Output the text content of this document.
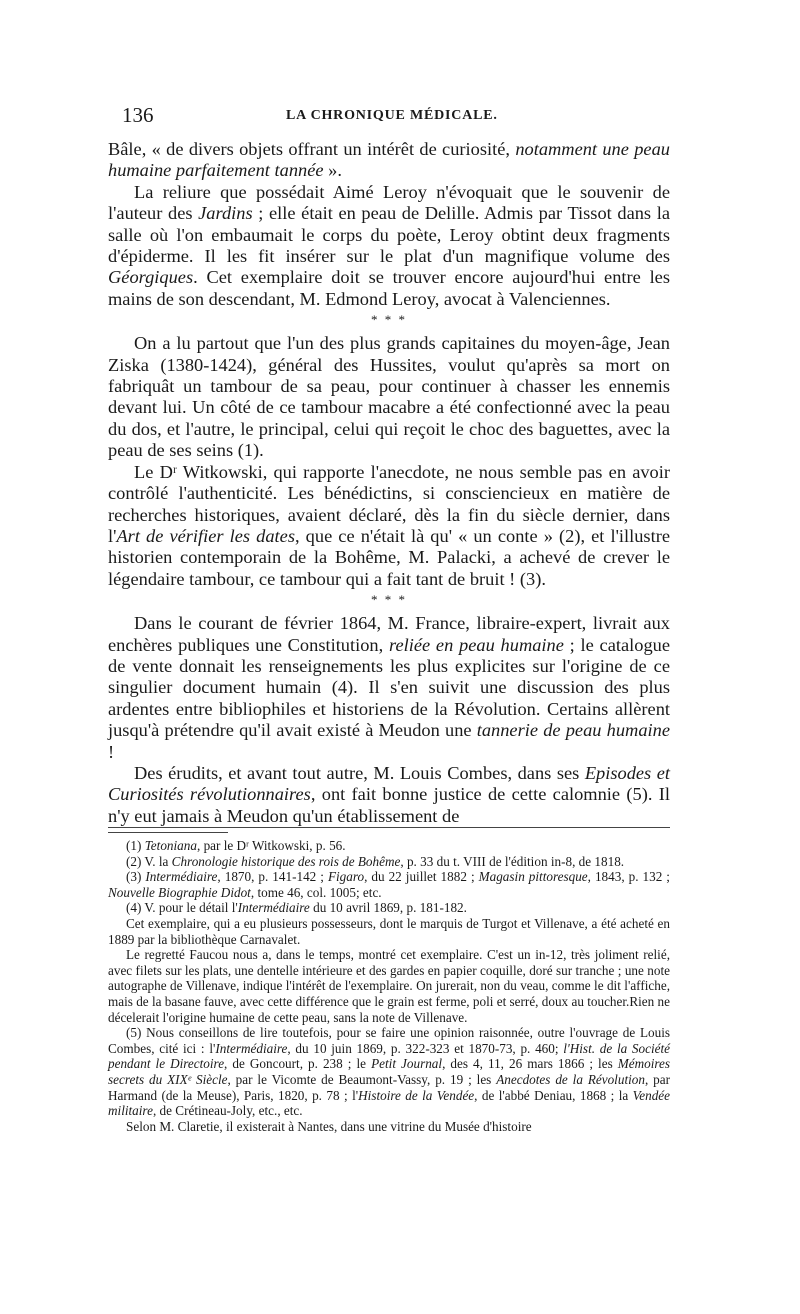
136	LA CHRONIQUE MÉDICALE.

Bâle, « de divers objets offrant un intérêt de curiosité, notamment une peau humaine parfaitement tannée ».

La reliure que possédait Aimé Leroy n'évoquait que le souvenir de l'auteur des Jardins ; elle était en peau de Delille. Admis par Tissot dans la salle où l'on embaumait le corps du poète, Leroy obtint deux fragments d'épiderme. Il les fit insérer sur le plat d'un magnifique volume des Géorgiques. Cet exemplaire doit se trouver encore aujourd'hui entre les mains de son descendant, M. Edmond Leroy, avocat à Valenciennes.

* * *

On a lu partout que l'un des plus grands capitaines du moyen-âge, Jean Ziska (1380-1424), général des Hussites, voulut qu'après sa mort on fabriquât un tambour de sa peau, pour continuer à chasser les ennemis devant lui. Un côté de ce tambour macabre a été confectionné avec la peau du dos, et l'autre, le principal, celui qui reçoit le choc des baguettes, avec la peau de ses seins (1).

Le Dʳ Witkowski, qui rapporte l'anecdote, ne nous semble pas en avoir contrôlé l'authenticité. Les bénédictins, si consciencieux en matière de recherches historiques, avaient déclaré, dès la fin du siècle dernier, dans l'Art de vérifier les dates, que ce n'était là qu' « un conte » (2), et l'illustre historien contemporain de la Bohême, M. Palacki, a achevé de crever le légendaire tambour, ce tambour qui a fait tant de bruit ! (3).

* * *

Dans le courant de février 1864, M. France, libraire-expert, livrait aux enchères publiques une Constitution, reliée en peau humaine ; le catalogue de vente donnait les renseignements les plus explicites sur l'origine de ce singulier document humain (4). Il s'en suivit une discussion des plus ardentes entre bibliophiles et historiens de la Révolution. Certains allèrent jusqu'à prétendre qu'il avait existé à Meudon une tannerie de peau humaine !

Des érudits, et avant tout autre, M. Louis Combes, dans ses Episodes et Curiosités révolutionnaires, ont fait bonne justice de cette calomnie (5). Il n'y eut jamais à Meudon qu'un établissement de

(1) Tetoniana, par le Dʳ Witkowski, p. 56.

(2) V. la Chronologie historique des rois de Bohême, p. 33 du t. VIII de l'édition in-8, de 1818.

(3) Intermédiaire, 1870, p. 141-142 ; Figaro, du 22 juillet 1882 ; Magasin pittoresque, 1843, p. 132 ; Nouvelle Biographie Didot, tome 46, col. 1005; etc.

(4) V. pour le détail l'Intermédiaire du 10 avril 1869, p. 181-182.

Cet exemplaire, qui a eu plusieurs possesseurs, dont le marquis de Turgot et Villenave, a été acheté en 1889 par la bibliothèque Carnavalet.

Le regretté Faucou nous a, dans le temps, montré cet exemplaire. C'est un in-12, très joliment relié, avec filets sur les plats, une dentelle intérieure et des gardes en papier coquille, doré sur tranche ; une note autographe de Villenave, indique l'intérêt de l'exemplaire. On jurerait, non du veau, comme le dit l'affiche, mais de la basane fauve, avec cette différence que le grain est ferme, poli et serré, doux au toucher.Rien ne décelerait l'origine humaine de cette peau, sans la note de Villenave.

(5) Nous conseillons de lire toutefois, pour se faire une opinion raisonnée, outre l'ouvrage de Louis Combes, cité ici : l'Intermédiaire, du 10 juin 1869, p. 322-323 et 1870-73, p. 460; l'Hist. de la Société pendant le Directoire, de Goncourt, p. 238 ; le Petit Journal, des 4, 11, 26 mars 1866 ; les Mémoires secrets du XIXᵉ Siècle, par le Vicomte de Beaumont-Vassy, p. 19 ; les Anecdotes de la Révolution, par Harmand (de la Meuse), Paris, 1820, p. 78 ; l'Histoire de la Vendée, de l'abbé Deniau, 1868 ; la Vendée militaire, de Crétineau-Joly, etc., etc.

Selon M. Claretie, il existerait à Nantes, dans une vitrine du Musée d'histoire
